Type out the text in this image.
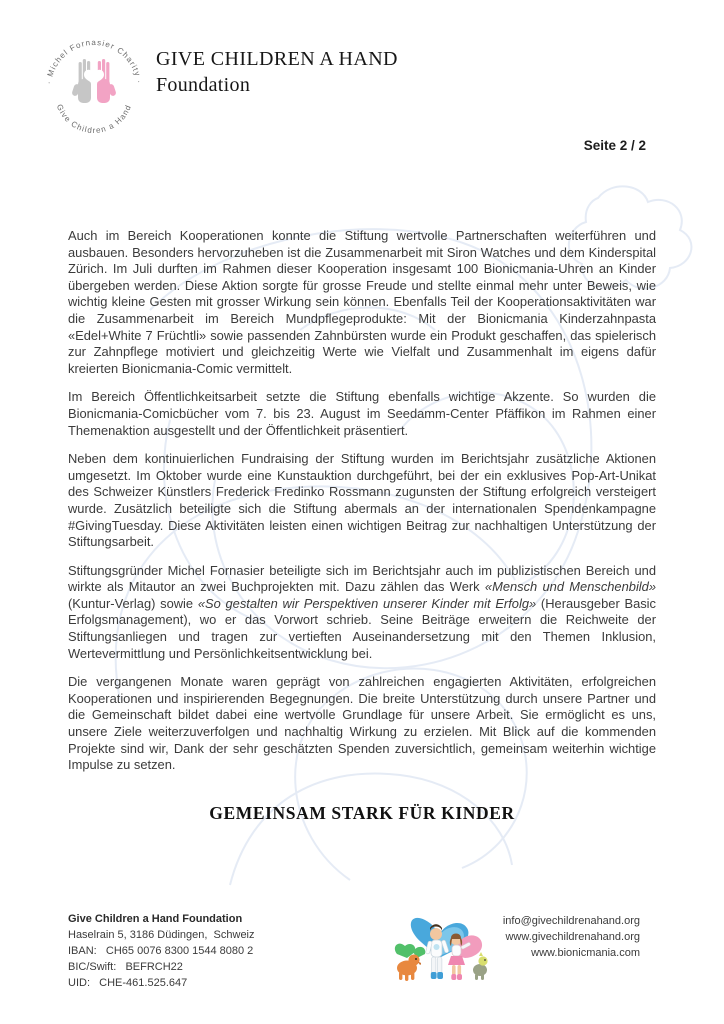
· Michel Fornasier Charity ·
Give Children a Hand
GIVE CHILDREN A HAND
Foundation
Seite 2 / 2

Auch im Bereich Kooperationen konnte die Stiftung wertvolle Partnerschaften weiterführen und ausbauen. Besonders hervorzuheben ist die Zusammenarbeit mit Siron Watches und dem Kinderspital Zürich. Im Juli durften im Rahmen dieser Kooperation insgesamt 100 Bionicmania-Uhren an Kinder übergeben werden. Diese Aktion sorgte für grosse Freude und stellte einmal mehr unter Beweis, wie wichtig kleine Gesten mit grosser Wirkung sein können. Ebenfalls Teil der Kooperationsaktivitäten war die Zusammenarbeit im Bereich Mundpflegeprodukte: Mit der Bionicmania Kinderzahnpasta «Edel+White 7 Früchtli» sowie passenden Zahnbürsten wurde ein Produkt geschaffen, das spielerisch zur Zahnpflege motiviert und gleichzeitig Werte wie Vielfalt und Zusammenhalt im eigens dafür kreierten Bionicmania-Comic vermittelt.

Im Bereich Öffentlichkeitsarbeit setzte die Stiftung ebenfalls wichtige Akzente. So wurden die Bionicmania-Comicbücher vom 7. bis 23. August im Seedamm-Center Pfäffikon im Rahmen einer Themenaktion ausgestellt und der Öffentlichkeit präsentiert.

Neben dem kontinuierlichen Fundraising der Stiftung wurden im Berichtsjahr zusätzliche Aktionen umgesetzt. Im Oktober wurde eine Kunstauktion durchgeführt, bei der ein exklusives Pop-Art-Unikat des Schweizer Künstlers Frederick Fredinko Rossmann zugunsten der Stiftung erfolgreich versteigert wurde. Zusätzlich beteiligte sich die Stiftung abermals an der internationalen Spendenkampagne #GivingTuesday. Diese Aktivitäten leisten einen wichtigen Beitrag zur nachhaltigen Unterstützung der Stiftungsarbeit.

Stiftungsgründer Michel Fornasier beteiligte sich im Berichtsjahr auch im publizistischen Bereich und wirkte als Mitautor an zwei Buchprojekten mit. Dazu zählen das Werk «Mensch und Menschenbild» (Kuntur-Verlag) sowie «So gestalten wir Perspektiven unserer Kinder mit Erfolg» (Herausgeber Basic Erfolgsmanagement), wo er das Vorwort schrieb. Seine Beiträge erweitern die Reichweite der Stiftungsanliegen und tragen zur vertieften Auseinandersetzung mit den Themen Inklusion, Wertevermittlung und Persönlichkeitsentwicklung bei.

Die vergangenen Monate waren geprägt von zahlreichen engagierten Aktivitäten, erfolgreichen Kooperationen und inspirierenden Begegnungen. Die breite Unterstützung durch unsere Partner und die Gemeinschaft bildet dabei eine wertvolle Grundlage für unsere Arbeit. Sie ermöglicht es uns, unsere Ziele weiterzuverfolgen und nachhaltig Wirkung zu erzielen. Mit Blick auf die kommenden Projekte sind wir, Dank der sehr geschätzten Spenden zuversichtlich, gemeinsam weiterhin wichtige Impulse zu setzen.

GEMEINSAM STARK FÜR KINDER
Give Children a Hand Foundation
Haselrain 5, 3186 Düdingen,  Schweiz
IBAN:   CH65 0076 8300 1544 8080 2
BIC/Swift:   BEFRCH22
UID:   CHE-461.525.647
info@givechildrenahand.org
www.givechildrenahand.org
www.bionicmania.com
